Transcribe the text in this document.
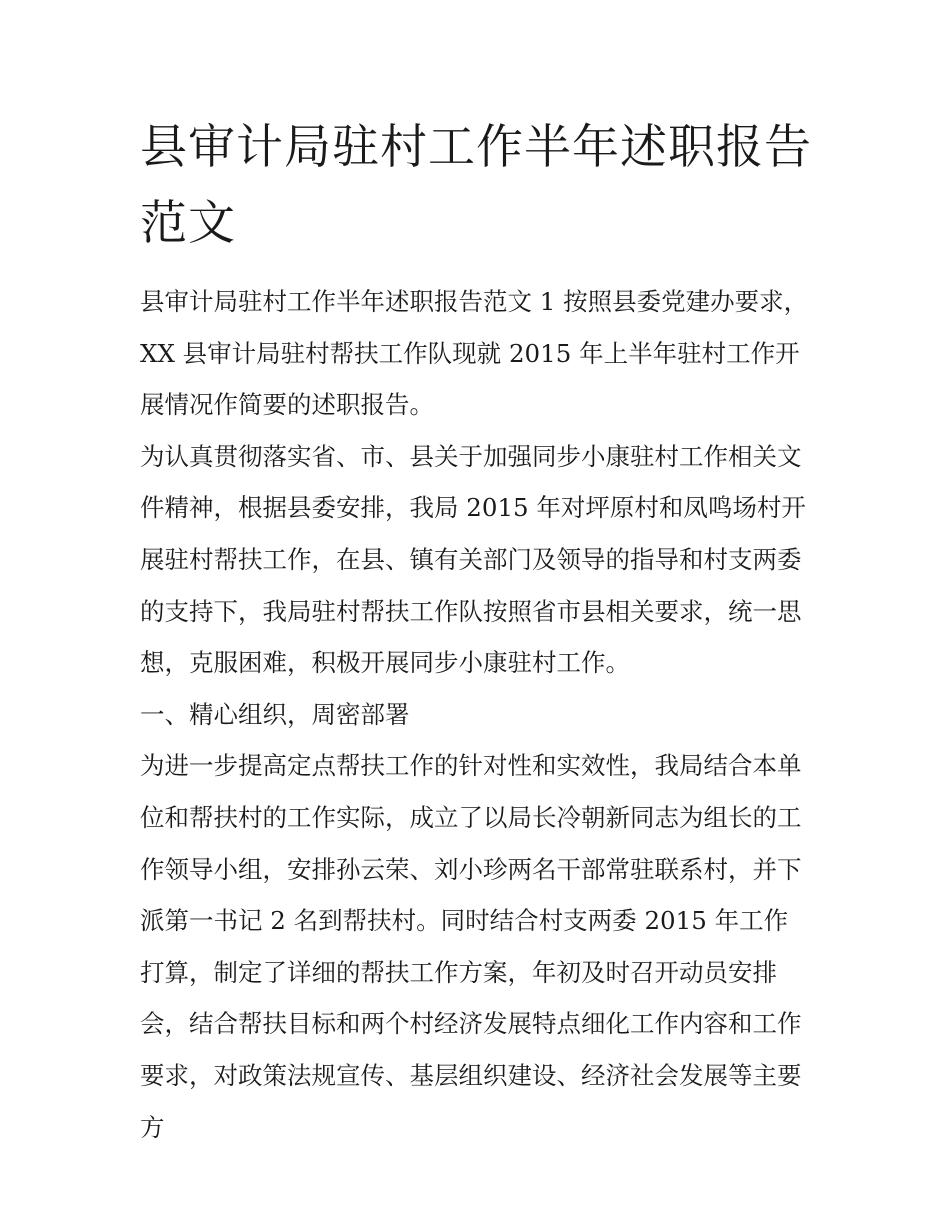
县审计局驻村工作半年述职报告范文

县审计局驻村工作半年述职报告范文 1 按照县委党建办要求，XX 县审计局驻村帮扶工作队现就 2015 年上半年驻村工作开展情况作简要的述职报告。

为认真贯彻落实省、市、县关于加强同步小康驻村工作相关文件精神，根据县委安排，我局 2015 年对坪原村和凤鸣场村开展驻村帮扶工作，在县、镇有关部门及领导的指导和村支两委的支持下，我局驻村帮扶工作队按照省市县相关要求，统一思想，克服困难，积极开展同步小康驻村工作。

一、精心组织，周密部署

为进一步提高定点帮扶工作的针对性和实效性，我局结合本单位和帮扶村的工作实际，成立了以局长冷朝新同志为组长的工作领导小组，安排孙云荣、刘小珍两名干部常驻联系村，并下派第一书记 2 名到帮扶村。同时结合村支两委 2015 年工作打算，制定了详细的帮扶工作方案，年初及时召开动员安排会，结合帮扶目标和两个村经济发展特点细化工作内容和工作要求，对政策法规宣传、基层组织建设、经济社会发展等主要方
